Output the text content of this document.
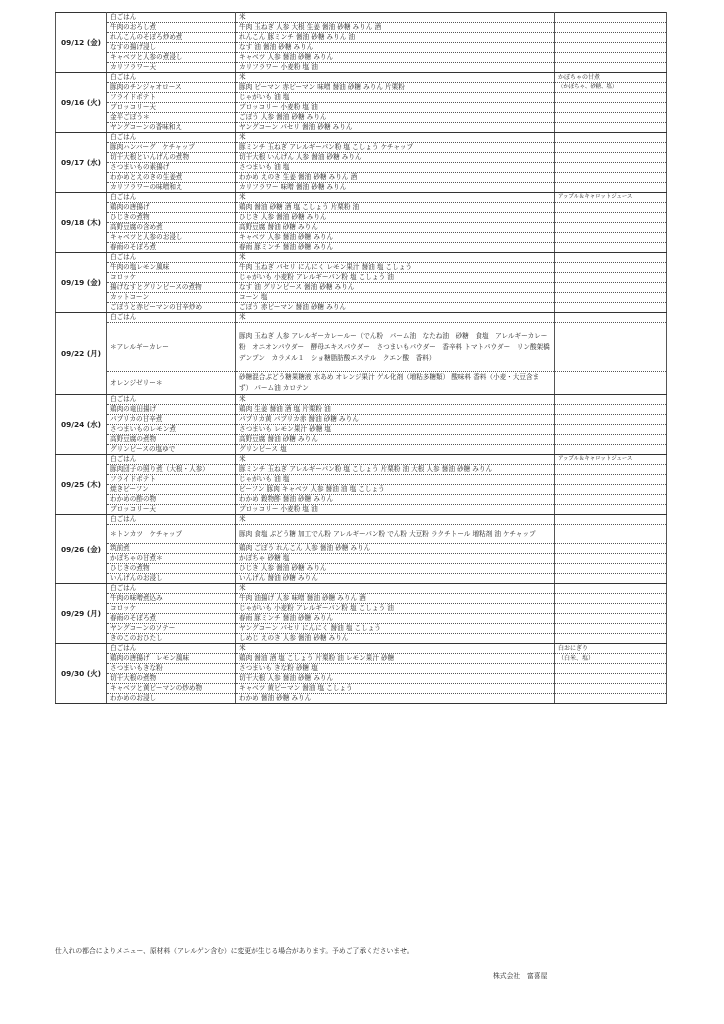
09/12 (金)	白ごはん	米	
	牛肉のおろし煮	牛肉 玉ねぎ 人参 大根 生姜 醤油 砂糖 みりん 酒	
	れんこんのそぼろ炒め煮	れんこん 豚ミンチ 醤油 砂糖 みりん 油	
	なすの揚げ浸し	なす 油 醤油 砂糖 みりん	
	キャベツと人参の煮浸し	キャベツ 人参 醤油 砂糖 みりん	
	カリフラワー天	カリフラワー 小麦粉 塩 油	
09/16 (火)	白ごはん	米	かぼちゃの甘煮
	豚肉のチンジャオロース	豚肉 ピーマン 赤ピーマン 味噌 醤油 砂糖 みりん 片栗粉	（かぼちゃ、砂糖、塩）
	フライドポテト	じゃがいも 油 塩	
	ブロッコリー天	ブロッコリー 小麦粉 塩 油	
	金平ごぼう＊	ごぼう 人参 醤油 砂糖 みりん	
	ヤングコーンの香味和え	ヤングコーン パセリ 醤油 砂糖 みりん	
09/17 (水)	白ごはん	米	
	豚肉ハンバーグ　ケチャップ	豚ミンチ 玉ねぎ アレルギーパン粉 塩 こしょう ケチャップ	
	切干大根といんげんの煮物	切干大根 いんげん 人参 醤油 砂糖 みりん	
	さつまいもの素揚げ	さつまいも 油 塩	
	わかめとえのきの生姜煮	わかめ えのき 生姜 醤油 砂糖 みりん 酒	
	カリフラワーの味噌和え	カリフラワー 味噌 醤油 砂糖 みりん	
09/18 (木)	白ごはん	米	アップル＆キャロットジュース
	鶏肉の唐揚げ	鶏肉 醤油 砂糖 酒 塩 こしょう 片栗粉 油	
	ひじきの煮物	ひじき 人参 醤油 砂糖 みりん	
	高野豆腐の含め煮	高野豆腐 醤油 砂糖 みりん	
	キャベツと人参のお浸し	キャベツ 人参 醤油 砂糖 みりん	
	春雨のそぼろ煮	春雨 豚ミンチ 醤油 砂糖 みりん	
09/19 (金)	白ごはん	米	
	牛肉の塩レモン風味	牛肉 玉ねぎ パセリ にんにく レモン果汁 醤油 塩 こしょう	
	コロッケ	じゃがいも 小麦粉 アレルギーパン粉 塩 こしょう 油	
	揚げなすとグリンピースの煮物	なす 油 グリンピース 醤油 砂糖 みりん	
	カットコーン	コーン 塩	
	ごぼうと赤ピーマンの甘辛炒め	ごぼう 赤ピーマン 醤油 砂糖 みりん	
09/22 (月)	白ごはん	米	
	＊アレルギーカレー	豚肉 玉ねぎ 人参 アレルギーカレールー（でん粉　パーム油　なたね油　砂糖　食塩　アレルギーカレー粉　オニオンパウダー　酵母エキスパウダー　さつまいもパウダー　香辛料 トマトパウダー　リン酸架橋デンプン　カラメル１　ショ糖脂肪酸エステル　クエン酸　香料）	
	オレンジゼリー＊	砂糖混合ぶどう糖果糖液 水あめ オレンジ果汁 ゲル化剤（増粘多糖類） 酸味料 香料（小麦・大豆含まず） パーム油 カロテン	
09/24 (水)	白ごはん	米	
	鶏肉の竜田揚げ	鶏肉 生姜 醤油 酒 塩 片栗粉 油	
	パプリカの甘辛煮	パプリカ黄 パプリカ赤 醤油 砂糖 みりん	
	さつまいものレモン煮	さつまいも レモン果汁 砂糖 塩	
	高野豆腐の煮物	高野豆腐 醤油 砂糖 みりん	
	グリンピースの塩ゆで	グリンピース 塩	
09/25 (木)	白ごはん	米	アップル＆キャロットジュース
	豚肉団子の照り煮（大根・人参）	豚ミンチ 玉ねぎ アレルギーパン粉 塩 こしょう 片栗粉 油 大根 人参 醤油 砂糖 みりん	
	フライドポテト	じゃがいも 油 塩	
	焼きビーフン	ビーフン 豚肉 キャベツ 人参 醤油 油 塩 こしょう	
	わかめの酢の物	わかめ 穀物酢 醤油 砂糖 みりん	
	ブロッコリー天	ブロッコリー 小麦粉 塩 油	
09/26 (金)	白ごはん	米	
	＊トンカツ　ケチャップ	豚肉 食塩 ぶどう糖 加工でん粉 アレルギーパン粉 でん粉 大豆粉 ラクチトール 増粘剤 油 ケチャップ	
	筑前煮	鶏肉 ごぼう れんこん 人参 醤油 砂糖 みりん	
	かぼちゃの甘煮＊	かぼちゃ 砂糖 塩	
	ひじきの煮物	ひじき 人参 醤油 砂糖 みりん	
	いんげんのお浸し	いんげん 醤油 砂糖 みりん	
09/29 (月)	白ごはん	米	
	牛肉の味噌煮込み	牛肉 油揚げ 人参 味噌 醤油 砂糖 みりん 酒	
	コロッケ	じゃがいも 小麦粉 アレルギーパン粉 塩 こしょう 油	
	春雨のそぼろ煮	春雨 豚ミンチ 醤油 砂糖 みりん	
	ヤングコーンのソテー	ヤングコーン パセリ にんにく 醤油 塩 こしょう	
	きのこのおひたし	しめじ えのき 人参 醤油 砂糖 みりん	
09/30 (火)	白ごはん	米	白おにぎり
	鶏肉の唐揚げ　レモン風味	鶏肉 醤油 酒 塩 こしょう 片栗粉 油 レモン果汁 砂糖	（白米、塩）
	さつまいもきな粉	さつまいも きな粉 砂糖 塩	
	切干大根の煮物	切干大根 人参 醤油 砂糖 みりん	
	キャベツと黄ピーマンの炒め物	キャベツ 黄ピーマン 醤油 塩 こしょう	
	わかめのお浸し	わかめ 醤油 砂糖 みりん	
仕入れの都合によりメニュー、原材料（アレルゲン含む）に変更が生じる場合があります。予めご了承くださいませ。
株式会社　富喜屋
